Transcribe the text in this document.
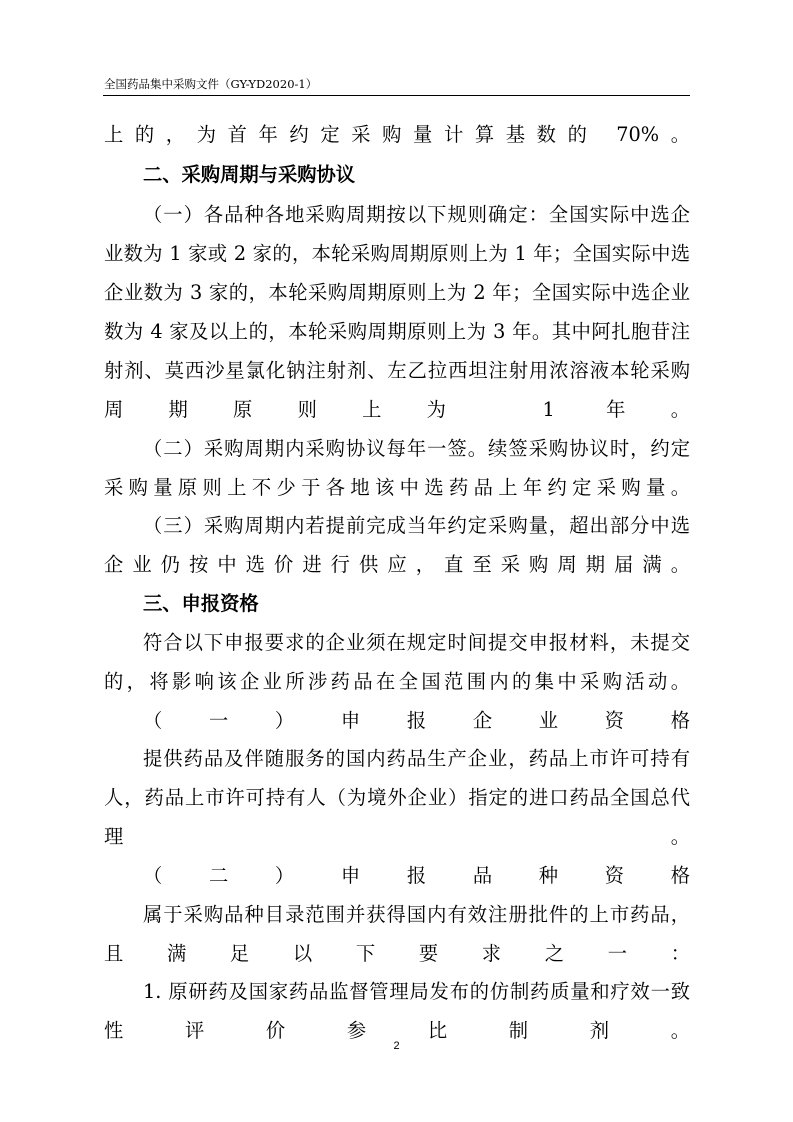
全国药品集中采购文件（GY-YD2020-1）
上的，为首年约定采购量计算基数的 70%。
二、采购周期与采购协议
（一）各品种各地采购周期按以下规则确定：全国实际中选企
业数为 1 家或 2 家的，本轮采购周期原则上为 1 年；全国实际中选
企业数为 3 家的，本轮采购周期原则上为 2 年；全国实际中选企业
数为 4 家及以上的，本轮采购周期原则上为 3 年。其中阿扎胞苷注
射剂、莫西沙星氯化钠注射剂、左乙拉西坦注射用浓溶液本轮采购
周期原则上为 1 年。
（二）采购周期内采购协议每年一签。续签采购协议时，约定
采购量原则上不少于各地该中选药品上年约定采购量。
（三）采购周期内若提前完成当年约定采购量，超出部分中选
企业仍按中选价进行供应，直至采购周期届满。
三、申报资格
符合以下申报要求的企业须在规定时间提交申报材料，未提交
的，将影响该企业所涉药品在全国范围内的集中采购活动。
（一）申报企业资格
提供药品及伴随服务的国内药品生产企业，药品上市许可持有
人，药品上市许可持有人（为境外企业）指定的进口药品全国总代
理。
（二）申报品种资格
属于采购品种目录范围并获得国内有效注册批件的上市药品，
且满足以下要求之一：
1. 原研药及国家药品监督管理局发布的仿制药质量和疗效一致
性评价参比制剂。
2
